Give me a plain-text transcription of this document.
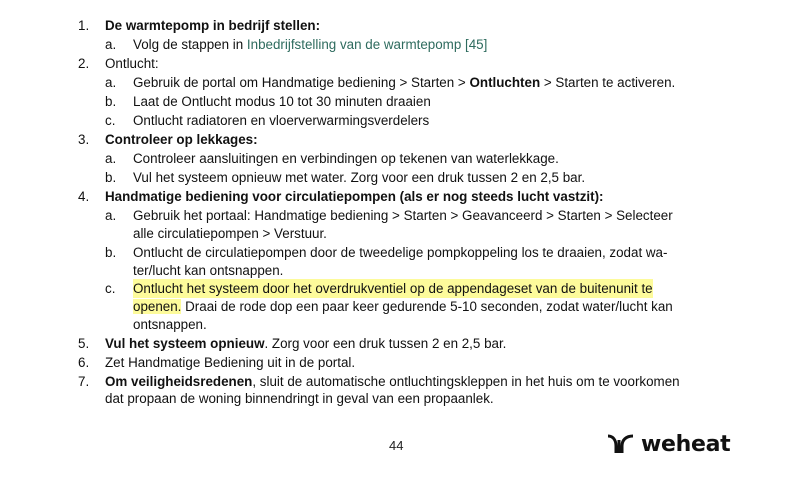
1. De warmtepomp in bedrijf stellen:
a. Volg de stappen in Inbedrijfstelling van de warmtepomp [45]
2. Ontlucht:
a. Gebruik de portal om Handmatige bediening > Starten > Ontluchten > Starten te activeren.
b. Laat de Ontlucht modus 10 tot 30 minuten draaien
c. Ontlucht radiatoren en vloerverwarmingsverdelers
3. Controleer op lekkages:
a. Controleer aansluitingen en verbindingen op tekenen van waterlekkage.
b. Vul het systeem opnieuw met water. Zorg voor een druk tussen 2 en 2,5 bar.
4. Handmatige bediening voor circulatiepompen (als er nog steeds lucht vastzit):
a. Gebruik het portaal: Handmatige bediening > Starten > Geavanceerd > Starten > Selecteer
alle circulatiepompen > Verstuur.
b. Ontlucht de circulatiepompen door de tweedelige pompkoppeling los te draaien, zodat wa-
ter/lucht kan ontsnappen.
c. Ontlucht het systeem door het overdrukventiel op de appendageset van de buitenunit te
openen. Draai de rode dop een paar keer gedurende 5-10 seconden, zodat water/lucht kan
ontsnappen.
5. Vul het systeem opnieuw. Zorg voor een druk tussen 2 en 2,5 bar.
6. Zet Handmatige Bediening uit in de portal.
7. Om veiligheidsredenen, sluit de automatische ontluchtingskleppen in het huis om te voorkomen
dat propaan de woning binnendringt in geval van een propaanlek.
44	weheat
